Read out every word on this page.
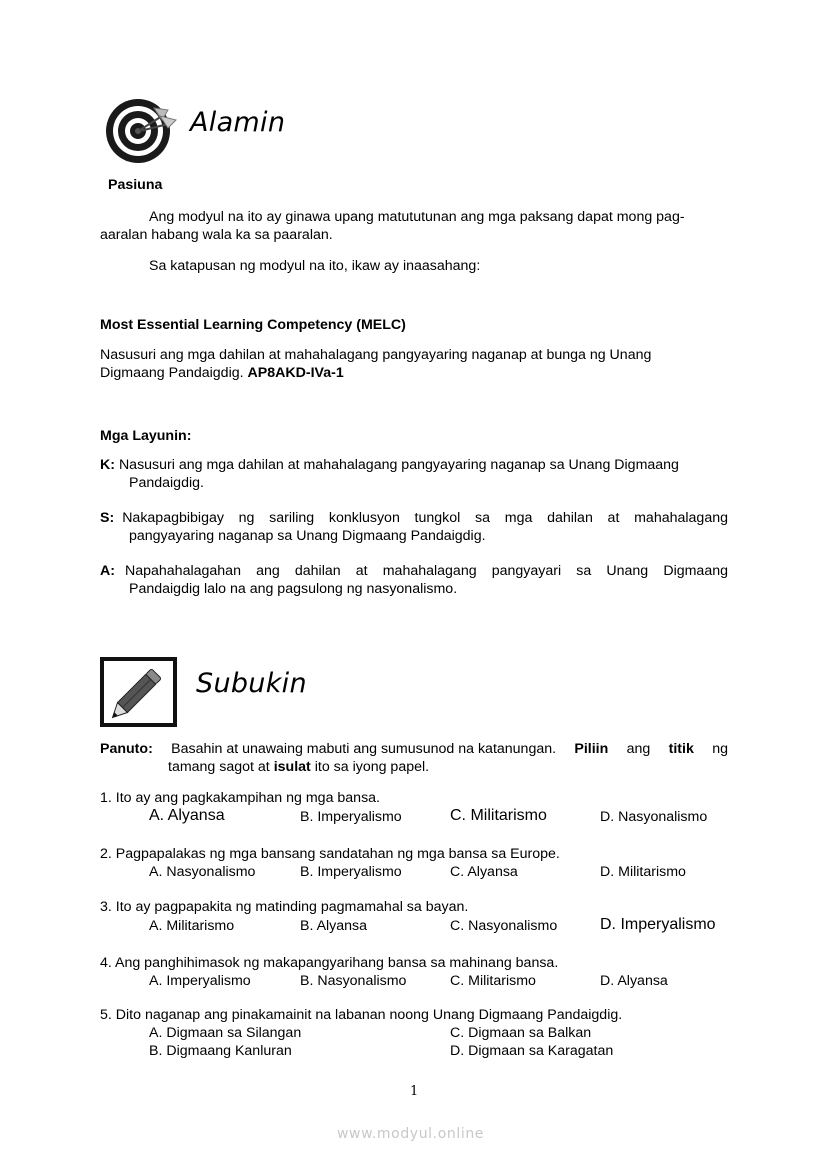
Alamin
Pasiuna
Ang modyul na ito ay ginawa upang matututunan ang mga paksang dapat mong pag-
aaralan habang wala ka sa paaralan.
Sa katapusan ng modyul na ito, ikaw ay inaasahang:
Most Essential Learning Competency (MELC)
Nasusuri ang mga dahilan at mahahalagang pangyayaring naganap at bunga ng Unang
Digmaang Pandaigdig. AP8AKD-IVa-1
Mga Layunin:
K: Nasusuri ang mga dahilan at mahahalagang pangyayaring naganap sa Unang Digmaang
Pandaigdig.
S: Nakapagbibigay ng sariling konklusyon tungkol sa mga dahilan at mahahalagang
pangyayaring naganap sa Unang Digmaang Pandaigdig.
A: Napahahalagahan ang dahilan at mahahalagang pangyayari sa Unang Digmaang
Pandaigdig lalo na ang pagsulong ng nasyonalismo.
Subukin
Panuto: Basahin at unawaing mabuti ang sumusunod na katanungan. Piliin ang titik ng
tamang sagot at isulat ito sa iyong papel.
1. Ito ay ang pagkakampihan ng mga bansa.
A. Alyansa	B. Imperyalismo	C. Militarismo	D. Nasyonalismo
2. Pagpapalakas ng mga bansang sandatahan ng mga bansa sa Europe.
A. Nasyonalismo	B. Imperyalismo	C. Alyansa	D. Militarismo
3. Ito ay pagpapakita ng matinding pagmamahal sa bayan.
A. Militarismo	B. Alyansa	C. Nasyonalismo	D. Imperyalismo
4. Ang panghihimasok ng makapangyarihang bansa sa mahinang bansa.
A. Imperyalismo	B. Nasyonalismo	C. Militarismo	D. Alyansa
5. Dito naganap ang pinakamainit na labanan noong Unang Digmaang Pandaigdig.
A. Digmaan sa Silangan
B. Digmaang Kanluran
C. Digmaan sa Balkan
D. Digmaan sa Karagatan
1
www.modyul.online
